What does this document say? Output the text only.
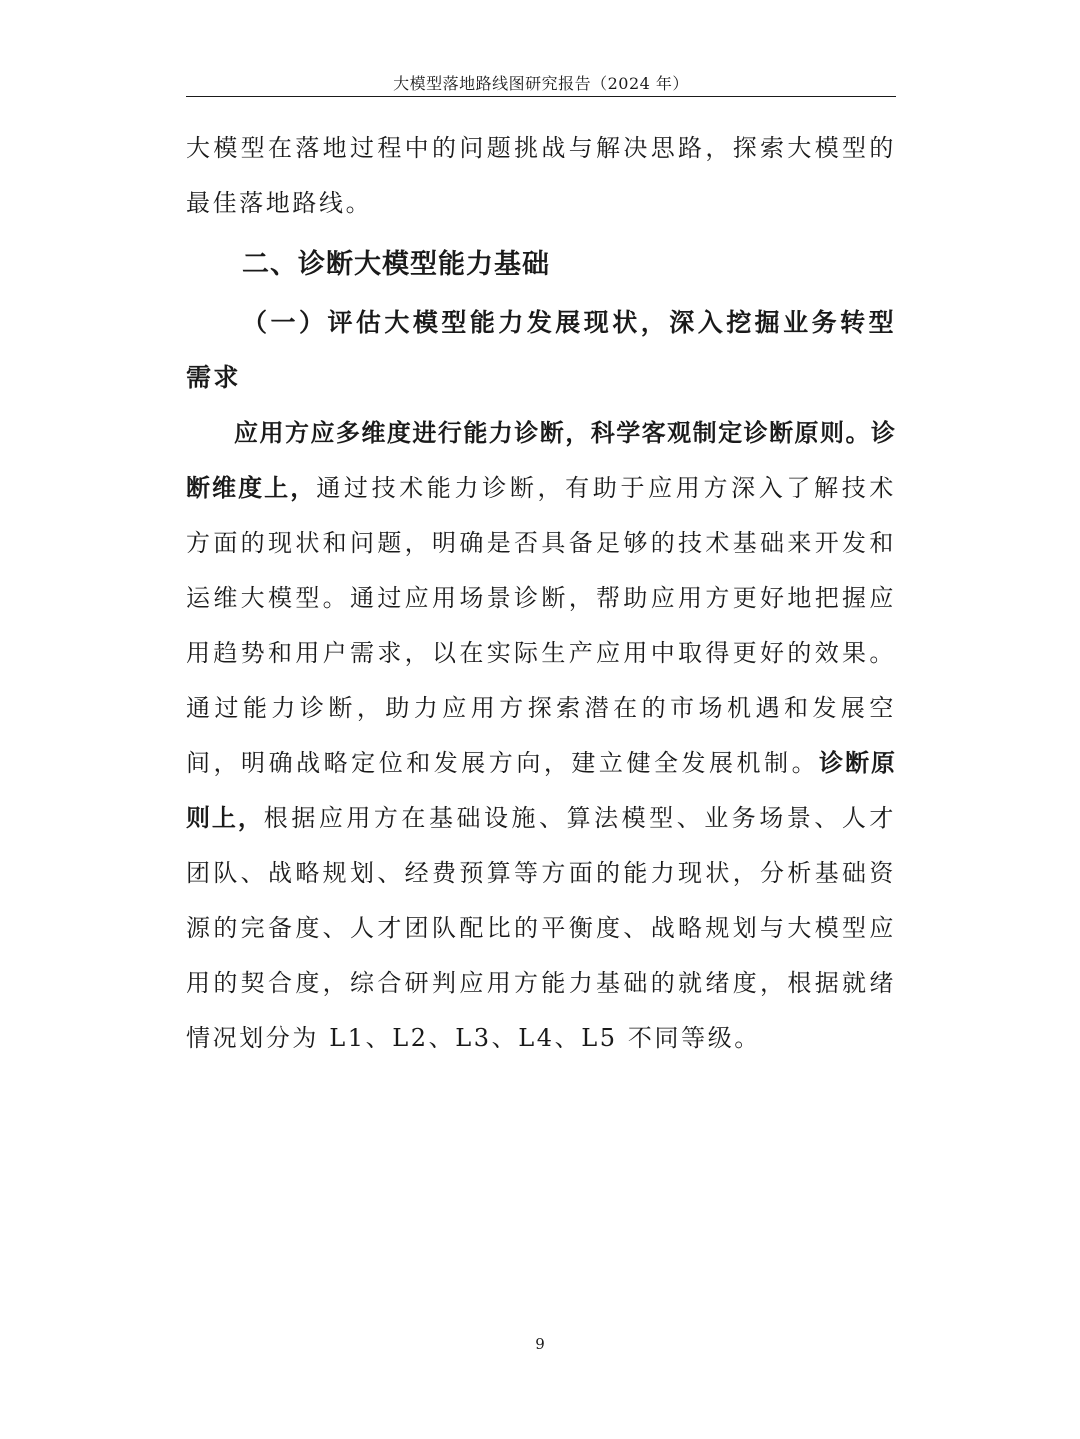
大模型落地路线图研究报告（2024 年）

大模型在落地过程中的问题挑战与解决思路，探索大模型的最佳落地路线。

二、诊断大模型能力基础
（一）评估大模型能力发展现状，深入挖掘业务转型需求

应用方应多维度进行能力诊断，科学客观制定诊断原则。诊断维度上，通过技术能力诊断，有助于应用方深入了解技术方面的现状和问题，明确是否具备足够的技术基础来开发和运维大模型。通过应用场景诊断，帮助应用方更好地把握应用趋势和用户需求，以在实际生产应用中取得更好的效果。通过能力诊断，助力应用方探索潜在的市场机遇和发展空间，明确战略定位和发展方向，建立健全发展机制。诊断原则上，根据应用方在基础设施、算法模型、业务场景、人才团队、战略规划、经费预算等方面的能力现状，分析基础资源的完备度、人才团队配比的平衡度、战略规划与大模型应用的契合度，综合研判应用方能力基础的就绪度，根据就绪情况划分为 L1、L2、L3、L4、L5 不同等级。

9
